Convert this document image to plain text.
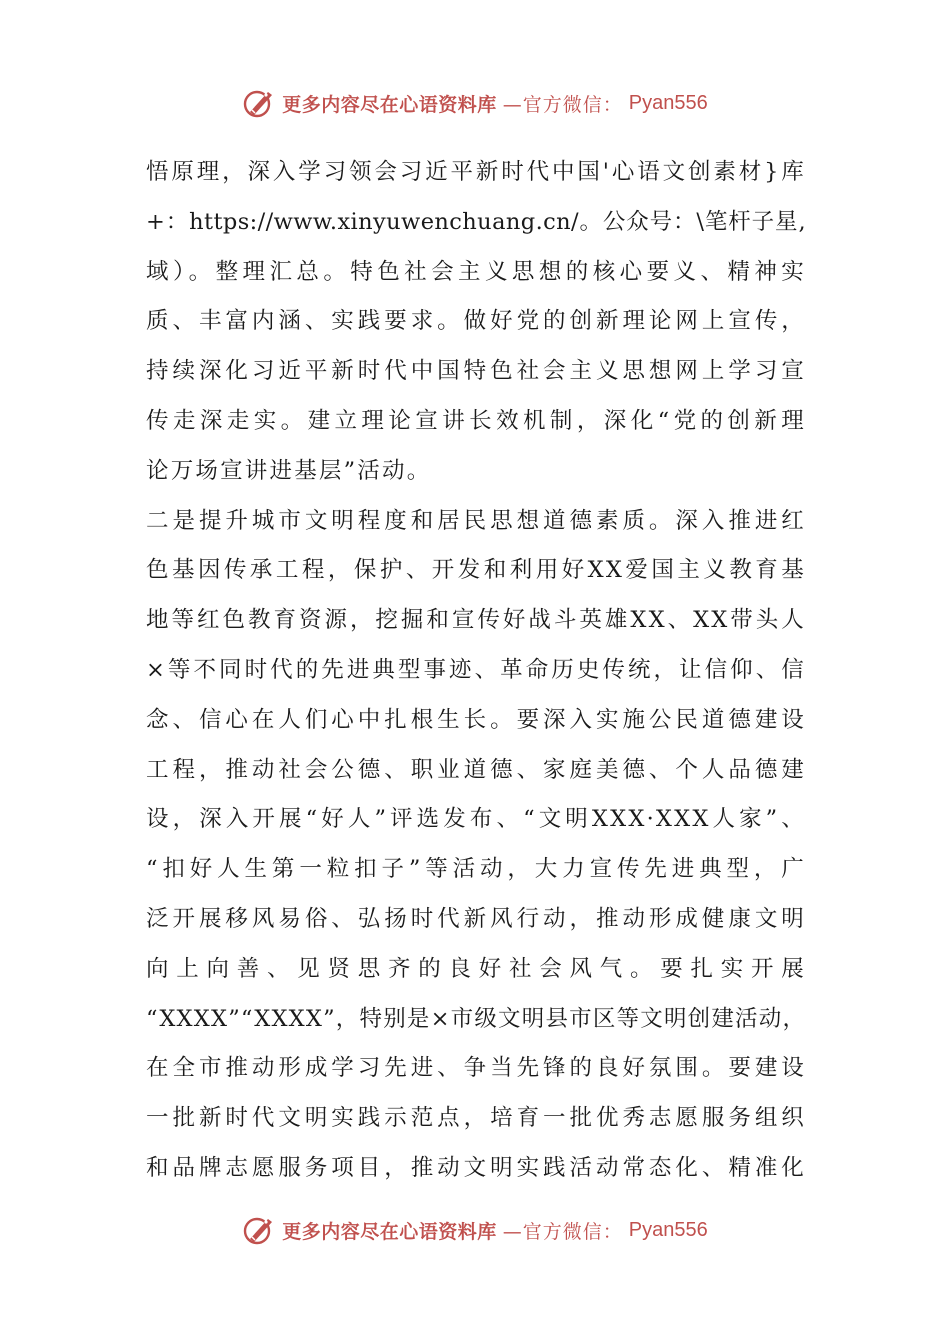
更多内容尽在心语资料库 —官方微信： Pyan556
悟原理，深入学习领会习近平新时代中国'心语文创素材}库
+：https://www.xinyuwenchuang.cn/。公众号：\笔杆子星,
域）。整理汇总。特色社会主义思想的核心要义、精神实
质、丰富内涵、实践要求。做好党的创新理论网上宣传，
持续深化习近平新时代中国特色社会主义思想网上学习宣
传走深走实。建立理论宣讲长效机制，深化“党的创新理
论万场宣讲进基层”活动。
二是提升城市文明程度和居民思想道德素质。深入推进红
色基因传承工程，保护、开发和利用好XX爱国主义教育基
地等红色教育资源，挖掘和宣传好战斗英雄XX、XX带头人
×等不同时代的先进典型事迹、革命历史传统，让信仰、信
念、信心在人们心中扎根生长。要深入实施公民道德建设
工程，推动社会公德、职业道德、家庭美德、个人品德建
设，深入开展“好人”评选发布、“文明XXX·XXX人家”、
“扣好人生第一粒扣子”等活动，大力宣传先进典型，广
泛开展移风易俗、弘扬时代新风行动，推动形成健康文明
向上向善、见贤思齐的良好社会风气。要扎实开展
“XXXX”“XXXX”，特别是×市级文明县市区等文明创建活动，
在全市推动形成学习先进、争当先锋的良好氛围。要建设
一批新时代文明实践示范点，培育一批优秀志愿服务组织
和品牌志愿服务项目，推动文明实践活动常态化、精准化
更多内容尽在心语资料库 —官方微信： Pyan556
